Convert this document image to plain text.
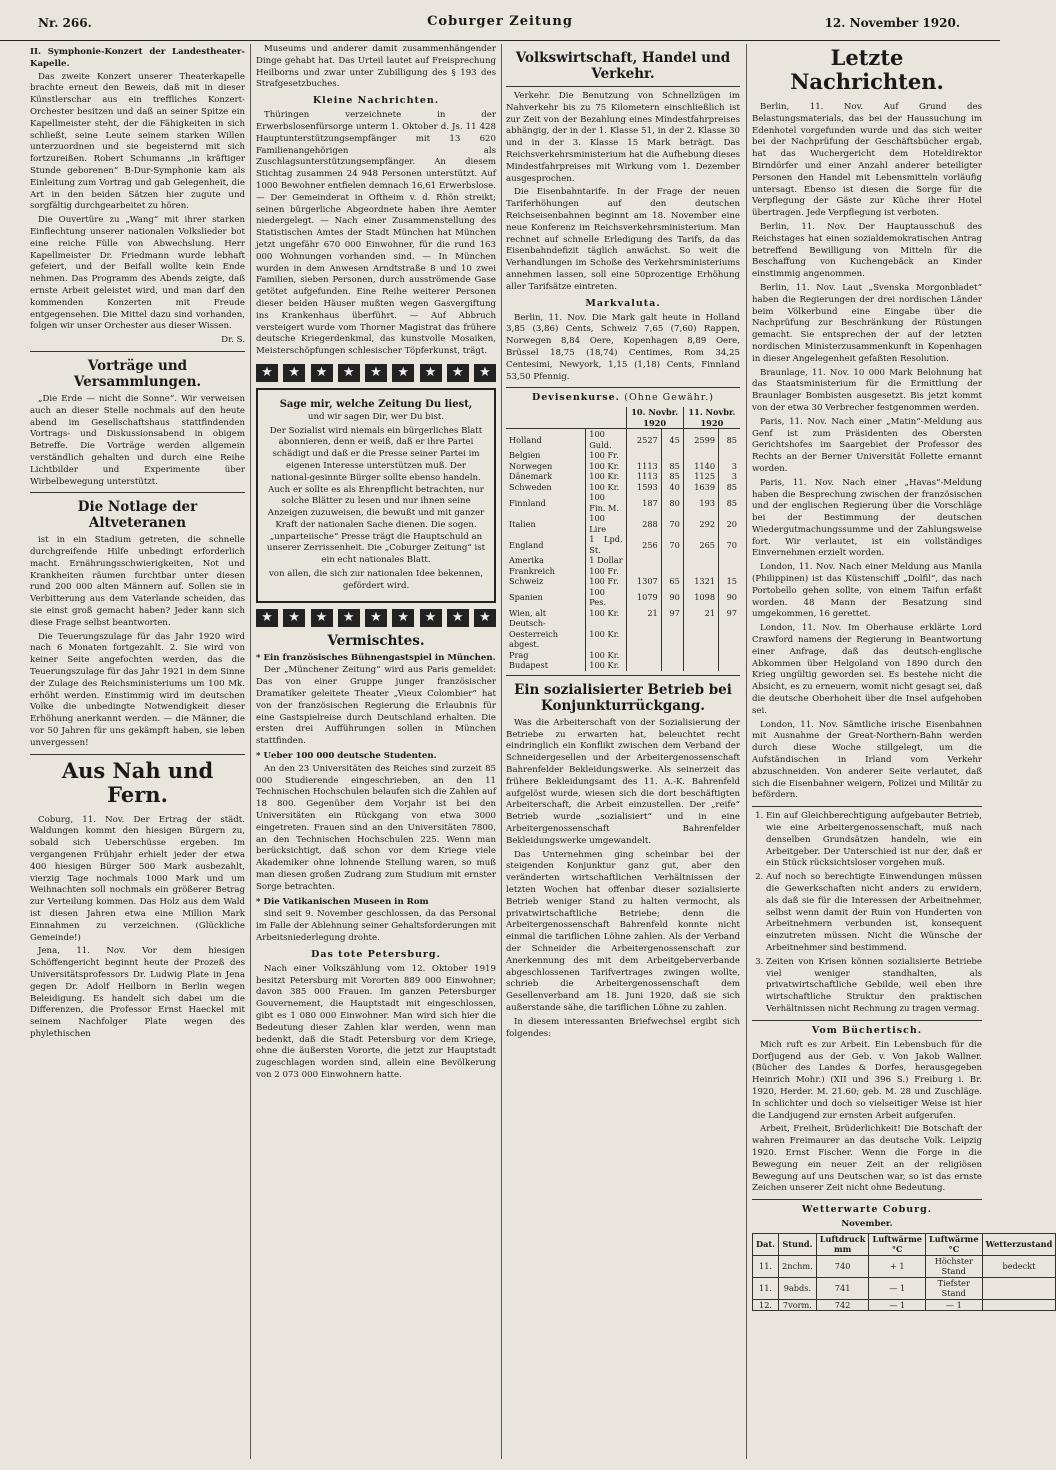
Nr. 266.	Coburger Zeitung	12. November 1920.
II. Symphonie-Konzert der Landestheater-Kapelle.

Das zweite Konzert unserer Theaterkapelle brachte erneut den Beweis, daß mit in dieser Künstlerschar aus ein treffliches Konzert-Orchester besitzen und daß an seiner Spitze ein Kapellmeister steht, der die Fähigkeiten in sich schließt, seine Leute seinem starken Willen unterzuordnen und sie begeisternd mit sich fortzureißen. Robert Schumanns „in kräftiger Stunde geborenen“ B-Dur-Symphonie kam als Einleitung zum Vortrag und gab Gelegenheit, die Art in den beiden Sätzen hier zugute und sorgfältig durchgearbeitet zu hören.

Die Ouvertüre zu „Wang“ mit ihrer starken Einflechtung unserer nationalen Volkslieder bot eine reiche Fülle von Abwechslung. Herr Kapellmeister Dr. Friedmann wurde lebhaft gefeiert, und der Beifall wollte kein Ende nehmen. Das Programm des Abends zeigte, daß ernste Arbeit geleistet wird, und man darf den kommenden Konzerten mit Freude entgegensehen. Die Mittel dazu sind vorhanden, folgen wir unser Orchester aus dieser Wissen.

Dr. S.

Vorträge und Versammlungen.

„Die Erde — nicht die Sonne“. Wir verweisen auch an dieser Stelle nochmals auf den heute abend im Gesellschaftshaus stattfindenden Vortrags- und Diskussionsabend in obigem Betreffe. Die Vorträge werden allgemein verständlich gehalten und durch eine Reihe Lichtbilder und Experimente über Wirbelbewegung unterstützt.

Die Notlage der Altveteranen

ist in ein Stadium getreten, die schnelle durchgreifende Hilfe unbedingt erforderlich macht. Ernährungsschwierigkeiten, Not und Krankheiten räumen furchtbar unter diesen rund 200 000 alten Männern auf. Sollen sie in Verbitterung aus dem Vaterlande scheiden, das sie einst groß gemacht haben? Jeder kann sich diese Frage selbst beantworten.

Die Teuerungszulage für das Jahr 1920 wird nach 6 Monaten fortgezahlt. 2. Sie wird von keiner Seite angefochten werden, das die Teuerungszulage für das Jahr 1921 in dem Sinne der Zulage des Reichsministeriums um 100 Mk. erhöht werden. Einstimmig wird im deutschen Volke die unbedingte Notwendigkeit dieser Erhöhung anerkannt werden. — die Männer, die vor 50 Jahren für uns gekämpft haben, sie leben unvergessen!

Aus Nah und Fern.

Coburg, 11. Nov. Der Ertrag der städt. Waldungen kommt den hiesigen Bürgern zu, sobald sich Ueberschüsse ergeben. Im vergangenen Frühjahr erhielt jeder der etwa 400 hiesigen Bürger 500 Mark ausbezahlt, vierzig Tage nochmals 1000 Mark und um Weihnachten soll nochmals ein größerer Betrag zur Verteilung kommen. Das Holz aus dem Wald ist diesen Jahren etwa eine Million Mark Einnahmen zu verzeichnen. (Glückliche Gemeinde!)

Jena, 11. Nov. Vor dem hiesigen Schöffengericht beginnt heute der Prozeß des Universitätsprofessors Dr. Ludwig Plate in Jena gegen Dr. Adolf Heilborn in Berlin wegen Beleidigung. Es handelt sich dabei um die Differenzen, die Professor Ernst Haeckel mit seinem Nachfolger Plate wegen des phylethischen

Museums und anderer damit zusammenhängender Dinge gehabt hat. Das Urteil lautet auf Freisprechung Heilborns und zwar unter Zubilligung des § 193 des Strafgesetzbuches.

Kleine Nachrichten.

Thüringen verzeichnete in der Erwerbslosenfürsorge unterm 1. Oktober d. Js. 11 428 Hauptunterstützungsempfänger mit 13 620 Familienangehörigen als Zuschlagsunterstützungsempfänger. An diesem Stichtag zusammen 24 948 Personen unterstützt. Auf 1000 Bewohner entfielen demnach 16,61 Erwerbslose. — Der Gemeinderat in Oftheim v. d. Rhön streikt; seinen bürgerliche Abgeordnete haben ihre Aemter niedergelegt. — Nach einer Zusammenstellung des Statistischen Amtes der Stadt München hat München jetzt ungefähr 670 000 Einwohner, für die rund 163 000 Wohnungen vorhanden sind. — In München wurden in dem Anwesen Arndtstraße 8 und 10 zwei Familien, sieben Personen, durch ausströmende Gase getötet aufgefunden. Eine Reihe weiterer Personen dieser beiden Häuser mußten wegen Gasvergiftung ins Krankenhaus überführt. — Auf Abbruch versteigert wurde vom Thorner Magistrat das frühere deutsche Kriegerdenkmal, das kunstvolle Mosaiken, Meisterschöpfungen schlesischer Töpferkunst, trägt.

★	★	★	★	★	★	★	★	★
Sage mir, welche Zeitung Du liest,

und wir sagen Dir, wer Du bist.

Der Sozialist wird niemals ein bürgerliches Blatt abonnieren, denn er weiß, daß er ihre Partei schädigt und daß er die Presse seiner Partei im eigenen Interesse unterstützen muß. Der national-gesinnte Bürger sollte ebenso handeln. Auch er sollte es als Ehrenpflicht betrachten, nur solche Blätter zu lesen und nur ihnen seine Anzeigen zuzuweisen, die bewußt und mit ganzer Kraft der nationalen Sache dienen. Die sogen. „unparteiische“ Presse trägt die Hauptschuld an unserer Zerrissenheit. Die „Coburger Zeitung“ ist ein echt nationales Blatt.

von allen, die sich zur nationalen Idee bekennen, gefördert wird.

★	★	★	★	★	★	★	★	★
Vermischtes.
* Ein französisches Bühnengastspiel in München.

Der „Münchener Zeitung“ wird aus Paris gemeldet: Das von einer Gruppe junger französischer Dramatiker geleitete Theater „Vieux Colombier“ hat von der französischen Regierung die Erlaubnis für eine Gastspielreise durch Deutschland erhalten. Die ersten drei Aufführungen sollen in München stattfinden.

* Ueber 100 000 deutsche Studenten.

An den 23 Universitäten des Reiches sind zurzeit 85 000 Studierende eingeschrieben, an den 11 Technischen Hochschulen belaufen sich die Zahlen auf 18 800. Gegenüber dem Vorjahr ist bei den Universitäten ein Rückgang von etwa 3000 eingetreten. Frauen sind an den Universitäten 7800, an den Technischen Hochschulen 225. Wenn man berücksichtigt, daß schon vor dem Kriege viele Akademiker ohne lohnende Stellung waren, so muß man diesen großen Zudrang zum Studium mit ernster Sorge betrachten.

* Die Vatikanischen Museen in Rom

sind seit 9. November geschlossen, da das Personal im Falle der Ablehnung seiner Gehaltsforderungen mit Arbeitsniederlegung drohte.

Das tote Petersburg.

Nach einer Volkszählung vom 12. Oktober 1919 besitzt Petersburg mit Vororten 889 000 Einwohner; davon 385 000 Frauen. Im ganzen Petersburger Gouvernement, die Hauptstadt mit eingeschlossen, gibt es 1 080 000 Einwohner. Man wird sich hier die Bedeutung dieser Zahlen klar werden, wenn man bedenkt, daß die Stadt Petersburg vor dem Kriege, ohne die äußersten Vororte, die jetzt zur Hauptstadt zugeschlagen worden sind, allein eine Bevölkerung von 2 073 000 Einwohnern hatte.

Volkswirtschaft, Handel und Verkehr.

Verkehr. Die Benutzung von Schnellzügen im Nahverkehr bis zu 75 Kilometern einschließlich ist zur Zeit von der Bezahlung eines Mindestfahrpreises abhängig, der in der 1. Klasse 51, in der 2. Klasse 30 und in der 3. Klasse 15 Mark beträgt. Das Reichsverkehrsministerium hat die Aufhebung dieses Mindestfahrpreises mit Wirkung vom 1. Dezember ausgesprochen.

Die Eisenbahntarife. In der Frage der neuen Tariferhöhungen auf den deutschen Reichseisenbahnen beginnt am 18. November eine neue Konferenz im Reichsverkehrsministerium. Man rechnet auf schnelle Erledigung des Tarifs, da das Eisenbahndefizit täglich anwächst. So weit die Verhandlungen im Schoße des Verkehrsministeriums annehmen lassen, soll eine 50prozentige Erhöhung aller Tarifsätze eintreten.

Markvaluta.

Berlin, 11. Nov. Die Mark galt heute in Holland 3,85 (3,86) Cents, Schweiz 7,65 (7,60) Rappen, Norwegen 8,84 Oere, Kopenhagen 8,89 Oere, Brüssel 18,75 (18,74) Centimes, Rom 34,25 Centesimi, Newyork, 1,15 (1,18) Cents, Finnland 53,50 Pfennig.

Devisenkurse. (Ohne Gewähr.)
		10. Novbr. 1920		11. Novbr. 1920	
Holland	100 Guld.	2527	45	2599	85
Belgien	100 Fr.				
Norwegen	100 Kr.	1113	85	1140	3
Dänemark	100 Kr.	1113	85	1125	3
Schweden	100 Kr.	1593	40	1639	85
Finnland	100 Fin. M.	187	80	193	85
Italien	100 Lire	288	70	292	20
England	1 Lpd. St.	256	70	265	70
Amerika	1 Dollar				
Frankreich	100 Fr.				
Schweiz	100 Fr.	1307	65	1321	15
Spanien	100 Pes.	1079	90	1098	90
Wien, alt	100 Kr.	21	97	21	97
Deutsch-Oesterreich abgest.	100 Kr.				
Prag	100 Kr.				
Budapest	100 Kr.				
Ein sozialisierter Betrieb bei Konjunkturrückgang.

Was die Arbeiterschaft von der Sozialisierung der Betriebe zu erwarten hat, beleuchtet recht eindringlich ein Konflikt zwischen dem Verband der Schneidergesellen und der Arbeitergenossenschaft Bahrenfelder Bekleidungswerke. Als seinerzeit das frühere Bekleidungsamt des 11. A.-K. Bahrenfeld aufgelöst wurde, wiesen sich die dort beschäftigten Arbeiterschaft, die Arbeit einzustellen. Der „reife“ Betrieb wurde „sozialisiert“ und in eine Arbeitergenossenschaft Bahrenfelder Bekleidungswerke umgewandelt.

Das Unternehmen ging scheinbar bei der steigenden Konjunktur ganz gut, aber den veränderten wirtschaftlichen Verhältnissen der letzten Wochen hat offenbar dieser sozialisierte Betrieb weniger Stand zu halten vermocht, als privatwirtschaftliche Betriebe; denn die Arbeitergenossenschaft Bahrenfeld konnte nicht einmal die tariflichen Löhne zahlen. Als der Verband der Schneider die Arbeitergenossenschaft zur Anerkennung des mit dem Arbeitgeberverbande abgeschlossenen Tarifvertrages zwingen wollte, schrieb die Arbeitergenossenschaft dem Gesellenverband am 18. Juni 1920, daß sie sich außerstande sähe, die tariflichen Löhne zu zahlen.

In diesem interessanten Briefwechsel ergibt sich folgendes:

Letzte Nachrichten.

Berlin, 11. Nov. Auf Grund des Belastungsmaterials, das bei der Haussuchung im Edenhotel vorgefunden wurde und das sich weiter bei der Nachprüfung der Geschäftsbücher ergab, hat das Wuchergericht dem Hoteldirektor Birndörfer und einer Anzahl anderer beteiligter Personen den Handel mit Lebensmitteln vorläufig untersagt. Ebenso ist diesen die Sorge für die Verpflegung der Gäste zur Küche ihrer Hotel übertragen. Jede Verpflegung ist verboten.

Berlin, 11. Nov. Der Hauptausschuß des Reichstages hat einen sozialdemokratischen Antrag betreffend Bewilligung von Mitteln für die Beschaffung von Kuchengebäck an Kinder einstimmig angenommen.

Berlin, 11. Nov. Laut „Svenska Morgonbladet“ haben die Regierungen der drei nordischen Länder beim Völkerbund eine Eingabe über die Nachprüfung zur Beschränkung der Rüstungen gemacht. Sie entsprechen der auf der letzten nordischen Ministerzusammenkunft in Kopenhagen in dieser Angelegenheit gefaßten Resolution.

Braunlage, 11. Nov. 10 000 Mark Belohnung hat das Staatsministerium für die Ermittlung der Braunlager Bombisten ausgesetzt. Bis jetzt kommt von der etwa 30 Verbrecher festgenommen werden.

Paris, 11. Nov. Nach einer „Matin“-Meldung aus Genf ist zum Präsidenten des Obersten Gerichtshofes im Saargebiet der Professor des Rechts an der Berner Universität Follette ernannt worden.

Paris, 11. Nov. Nach einer „Havas“-Meldung haben die Besprechung zwischen der französischen und der englischen Regierung über die Vorschläge bei der Bestimmung der deutschen Wiedergutmachungssumme und der Zahlungsweise fort. Wir verlautet, ist ein vollständiges Einvernehmen erzielt worden.

London, 11. Nov. Nach einer Meldung aus Manila (Philippinen) ist das Küstenschiff „Dolfil“, das nach Portobello gehen sollte, von einem Taifun erfaßt worden. 48 Mann der Besatzung sind umgekommen, 16 gerettet.

London, 11. Nov. Im Oberhause erklärte Lord Crawford namens der Regierung in Beantwortung einer Anfrage, daß das deutsch-englische Abkommen über Helgoland von 1890 durch den Krieg ungültig geworden sei. Es bestehe nicht die Absicht, es zu erneuern, womit nicht gesagt sei, daß die deutsche Oberhoheit über die Insel aufgehoben sei.

London, 11. Nov. Sämtliche irische Eisenbahnen mit Ausnahme der Great-Northern-Bahn werden durch diese Woche stillgelegt, um die Aufständischen in Irland vom Verkehr abzuschneiden. Von anderer Seite verlautet, daß sich die Eisenbahner weigern, Polizei und Militär zu befördern.

1. Ein auf Gleichberechtigung aufgebauter Betrieb, wie eine Arbeitergenossenschaft, muß nach denselben Grundsätzen handeln, wie ein Arbeitgeber. Der Unterschied ist nur der, daß er ein Stück rücksichtsloser vorgehen muß.
2. Auf noch so berechtigte Einwendungen müssen die Gewerkschaften nicht anders zu erwidern, als daß sie für die Interessen der Arbeitnehmer, selbst wenn damit der Ruin von Hunderten von Arbeitnehmern verbunden ist, konsequent einzutreten müssen. Nicht die Wünsche der Arbeitnehmer sind bestimmend.
3. Zeiten von Krisen können sozialisierte Betriebe viel weniger standhalten, als privatwirtschaftliche Gebilde, weil eben ihre wirtschaftliche Struktur den praktischen Verhältnissen nicht Rechnung zu tragen vermag.
Vom Büchertisch.

Mich ruft es zur Arbeit. Ein Lebensbuch für die Dorfjugend aus der Geb. v. Von Jakob Wallner. (Bücher des Landes & Dorfes, herausgegeben Heinrich Mohr.) (XII und 396 S.) Freiburg i. Br. 1920, Herder. M. 21.60; geb. M. 28 und Zuschläge. In schlichter und doch so vielseitiger Weise ist hier die Landjugend zur ernsten Arbeit aufgerufen.

Arbeit, Freiheit, Brüderlichkeit! Die Botschaft der wahren Freimaurer an das deutsche Volk. Leipzig 1920. Ernst Fischer. Wenn die Forge in die Bewegung ein neuer Zeit an der religiösen Bewegung auf uns Deutschen war, so ist das ernste Zeichen unserer Zeit nicht ohne Bedeutung.

Wetterwarte Coburg.

November.

Dat.	Stund.	Luftdruck mm	Luftwärme °C	Luftwärme °C	Wetterzustand
11.	2nchm.	740	+ 1	Höchster Stand	bedeckt
11.	9abds.	741	— 1	Tiefster Stand	
12.	7vorm.	742	— 1	— 1	
